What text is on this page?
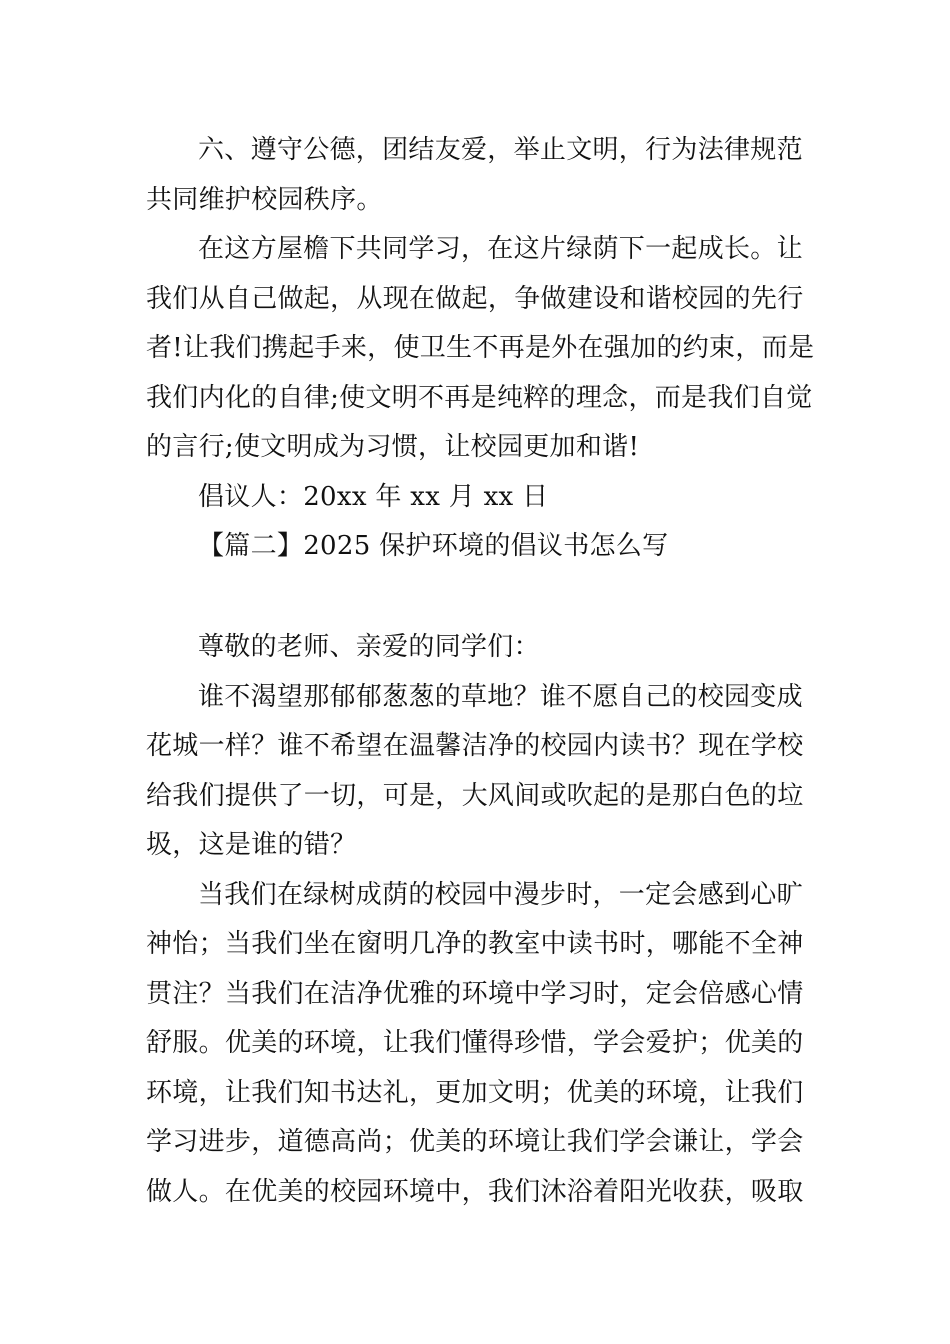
六、遵守公德，团结友爱，举止文明，行为法律规范
共同维护校园秩序。
在这方屋檐下共同学习，在这片绿荫下一起成长。让
我们从自己做起，从现在做起，争做建设和谐校园的先行
者!让我们携起手来，使卫生不再是外在强加的约束，而是
我们内化的自律;使文明不再是纯粹的理念，而是我们自觉
的言行;使文明成为习惯，让校园更加和谐!
倡议人：20xx 年 xx 月 xx 日
【篇二】2025 保护环境的倡议书怎么写
尊敬的老师、亲爱的同学们：
谁不渴望那郁郁葱葱的草地？谁不愿自己的校园变成
花城一样？谁不希望在温馨洁净的校园内读书？现在学校
给我们提供了一切，可是，大风间或吹起的是那白色的垃
圾，这是谁的错？
当我们在绿树成荫的校园中漫步时，一定会感到心旷
神怡；当我们坐在窗明几净的教室中读书时，哪能不全神
贯注？当我们在洁净优雅的环境中学习时，定会倍感心情
舒服。优美的环境，让我们懂得珍惜，学会爱护；优美的
环境，让我们知书达礼，更加文明；优美的环境，让我们
学习进步，道德高尚；优美的环境让我们学会谦让，学会
做人。在优美的校园环境中，我们沐浴着阳光收获，吸取
